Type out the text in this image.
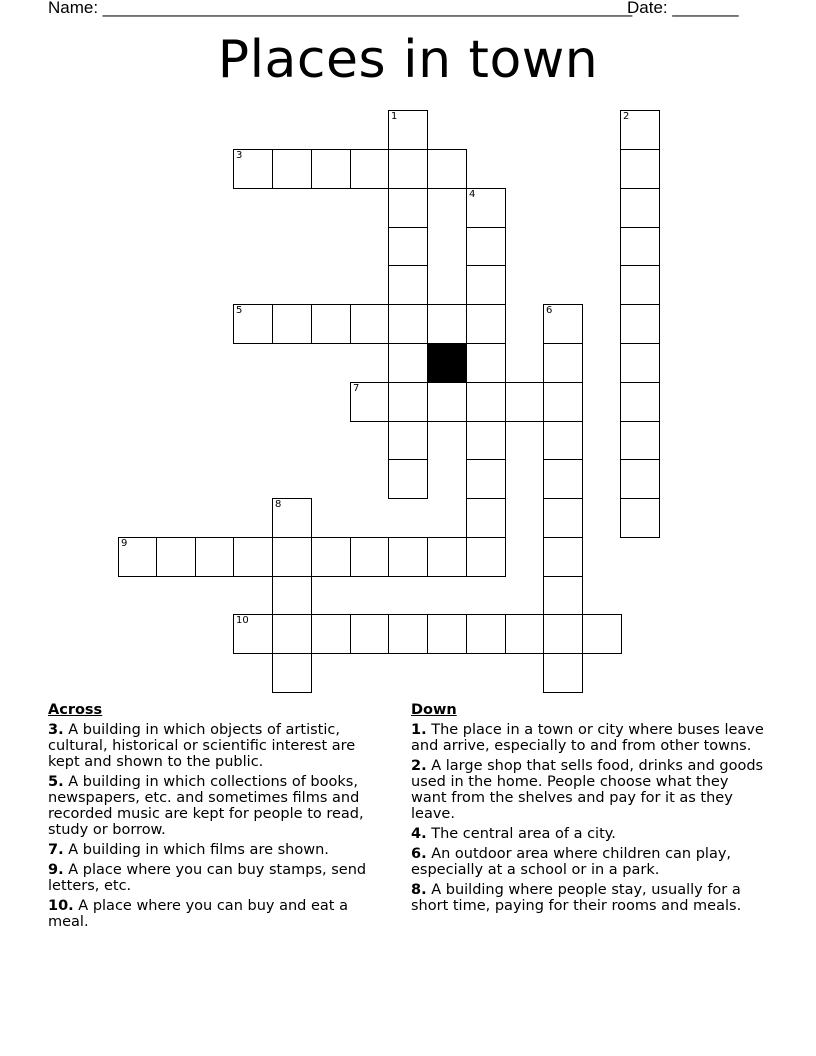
Name: ________________________________________________________
Date: _______
Places in town
1	2
3
4
5	6
7
8
9
10
Across
3. A building in which objects of artistic, cultural, historical or scientific interest are kept and shown to the public.
5. A building in which collections of books, newspapers, etc. and sometimes films and recorded music are kept for people to read, study or borrow.
7. A building in which films are shown.
9. A place where you can buy stamps, send letters, etc.
10. A place where you can buy and eat a meal.
Down
1. The place in a town or city where buses leave and arrive, especially to and from other towns.
2. A large shop that sells food, drinks and goods used in the home. People choose what they want from the shelves and pay for it as they leave.
4. The central area of a city.
6. An outdoor area where children can play, especially at a school or in a park.
8. A building where people stay, usually for a short time, paying for their rooms and meals.
